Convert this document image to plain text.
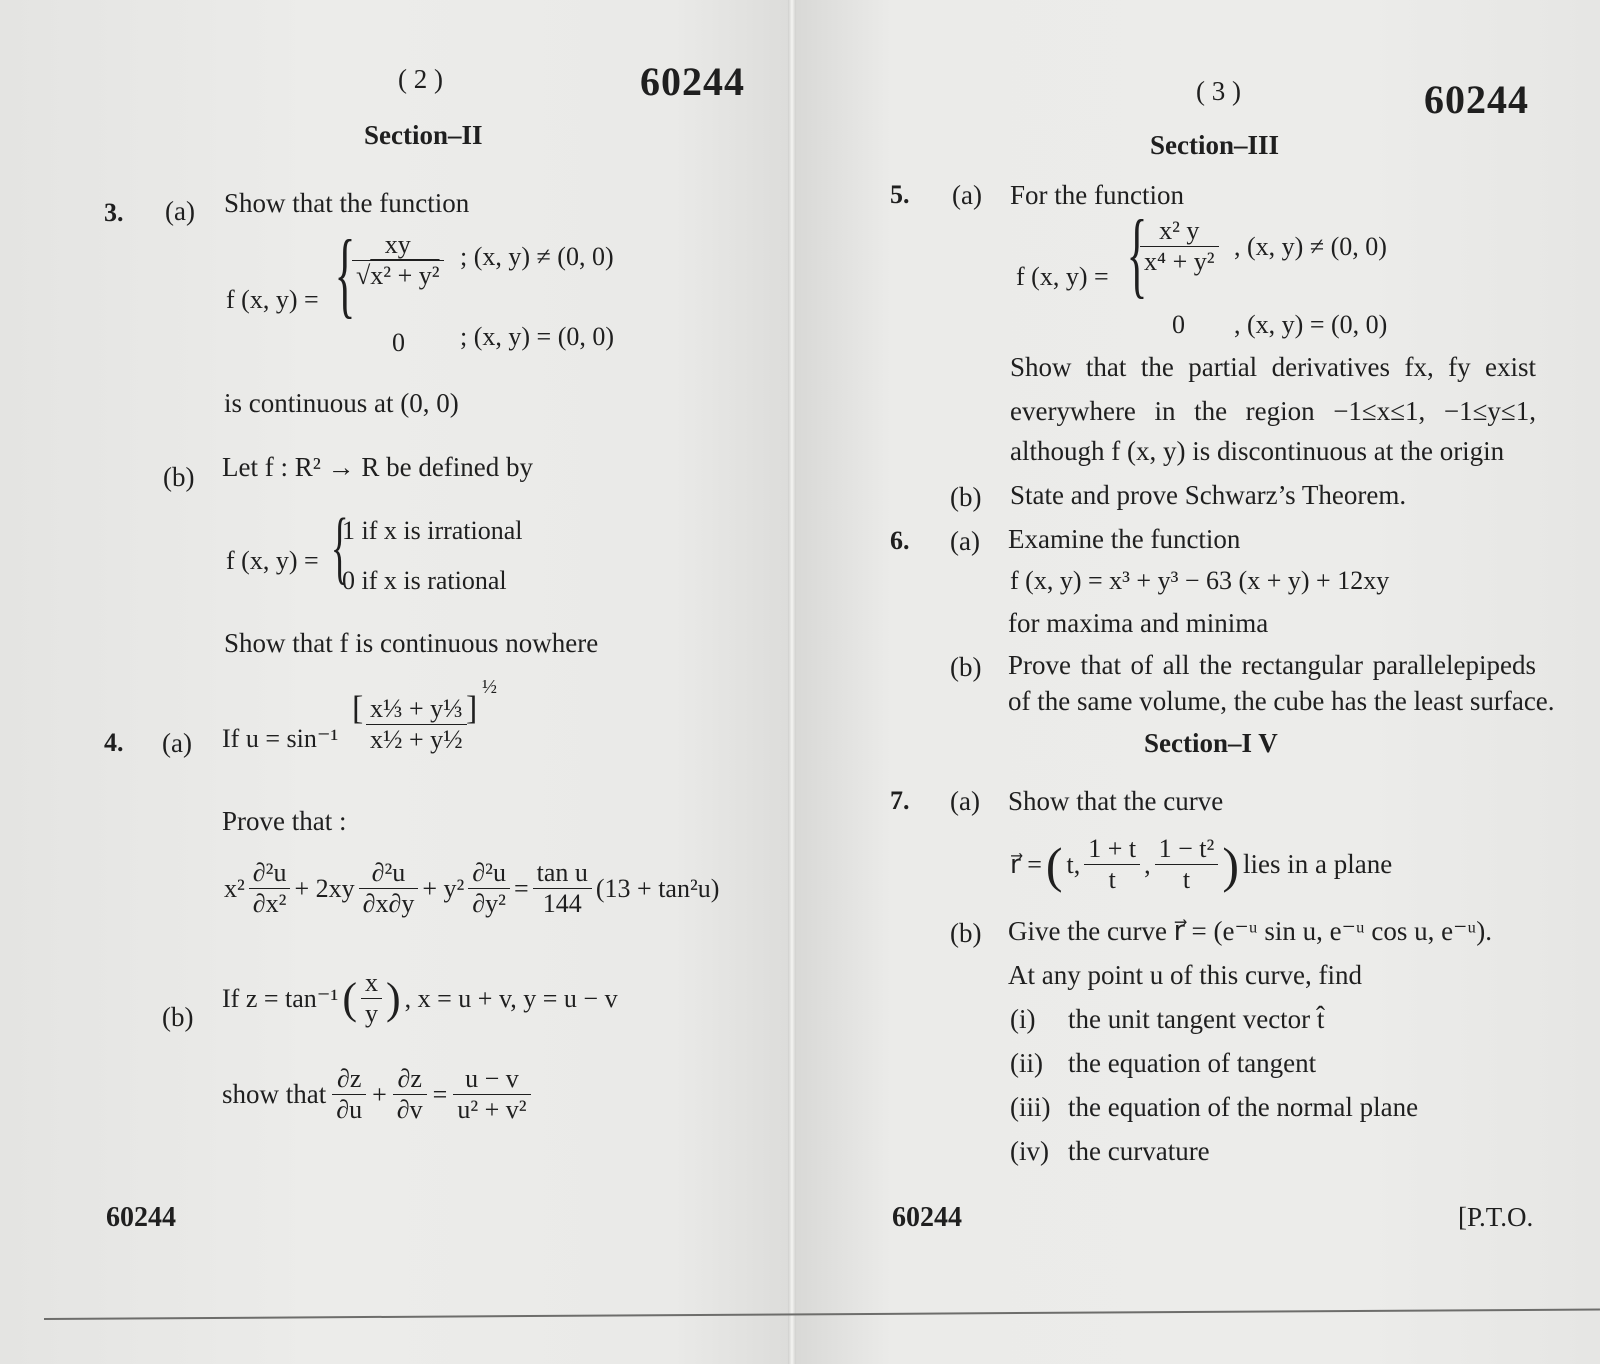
( 2 )	60244
Section–II
3. (a) Show that the function
f (x, y) = {
$\frac{xy}{\text{√x² + y²}}$ ; (x, y) ≠ (0, 0)
0 ; (x, y) = (0, 0)
is continuous at (0, 0)
(b) Let f : R² → R be defined by
f (x, y) = {
1 if x is irrational
0 if x is rational
Show that f is continuous nowhere
4. (a) If u = sin⁻¹
[ $\frac{\text{x⅓ + y⅓}}{\text{x½ + y½}}$ ]
½
Prove that :
$x^2 \frac{\text{∂²u}}{\text{∂x²}} + 2xy \frac{\text{∂²u}}{\partial x\partial y} + y^2 \frac{\text{∂²u}}{\text{∂y²}} = \frac{\text{tan u}}{144} (13 + \tan^2u)$
(b)
If z = tan⁻¹ ( $\frac{x}{y}$ ) , x = u + v, y = u − v
show that $\frac{\partial z}{\partial u} + \frac{\partial z}{\partial v} = \frac{u - v}{\text{u² + v²}}$
60244
( 3 )	60244
Section–III
5. (a) For the function
f (x, y) = {
$\frac{\text{x² y}}{\text{x⁴ + y²}}$ , (x, y) ≠ (0, 0)
0 , (x, y) = (0, 0)
Show that the partial derivatives fx, fy exist
everywhere in the region −1≤x≤1, −1≤y≤1,
although f (x, y) is discontinuous at the origin
(b) State and prove Schwarz’s Theorem.
6. (a) Examine the function
f (x, y) = x³ + y³ − 63 (x + y) + 12xy
for maxima and minima
(b) Prove that of all the rectangular parallelepipeds
of the same volume, the cube has the least surface.
Section–I V
7. (a) Show that the curve
r⃗ = ( t, $\frac{1 + t}{t}$ , $\frac{\text{1 − t²}}{t}$ ) lies in a plane
(b) Give the curve r⃗ = (e⁻ᵘ sin u, e⁻ᵘ cos u, e⁻ᵘ).
At any point u of this curve, find
(i) the unit tangent vector t̂
(ii) the equation of tangent
(iii) the equation of the normal plane
(iv) the curvature
60244	[P.T.O.
